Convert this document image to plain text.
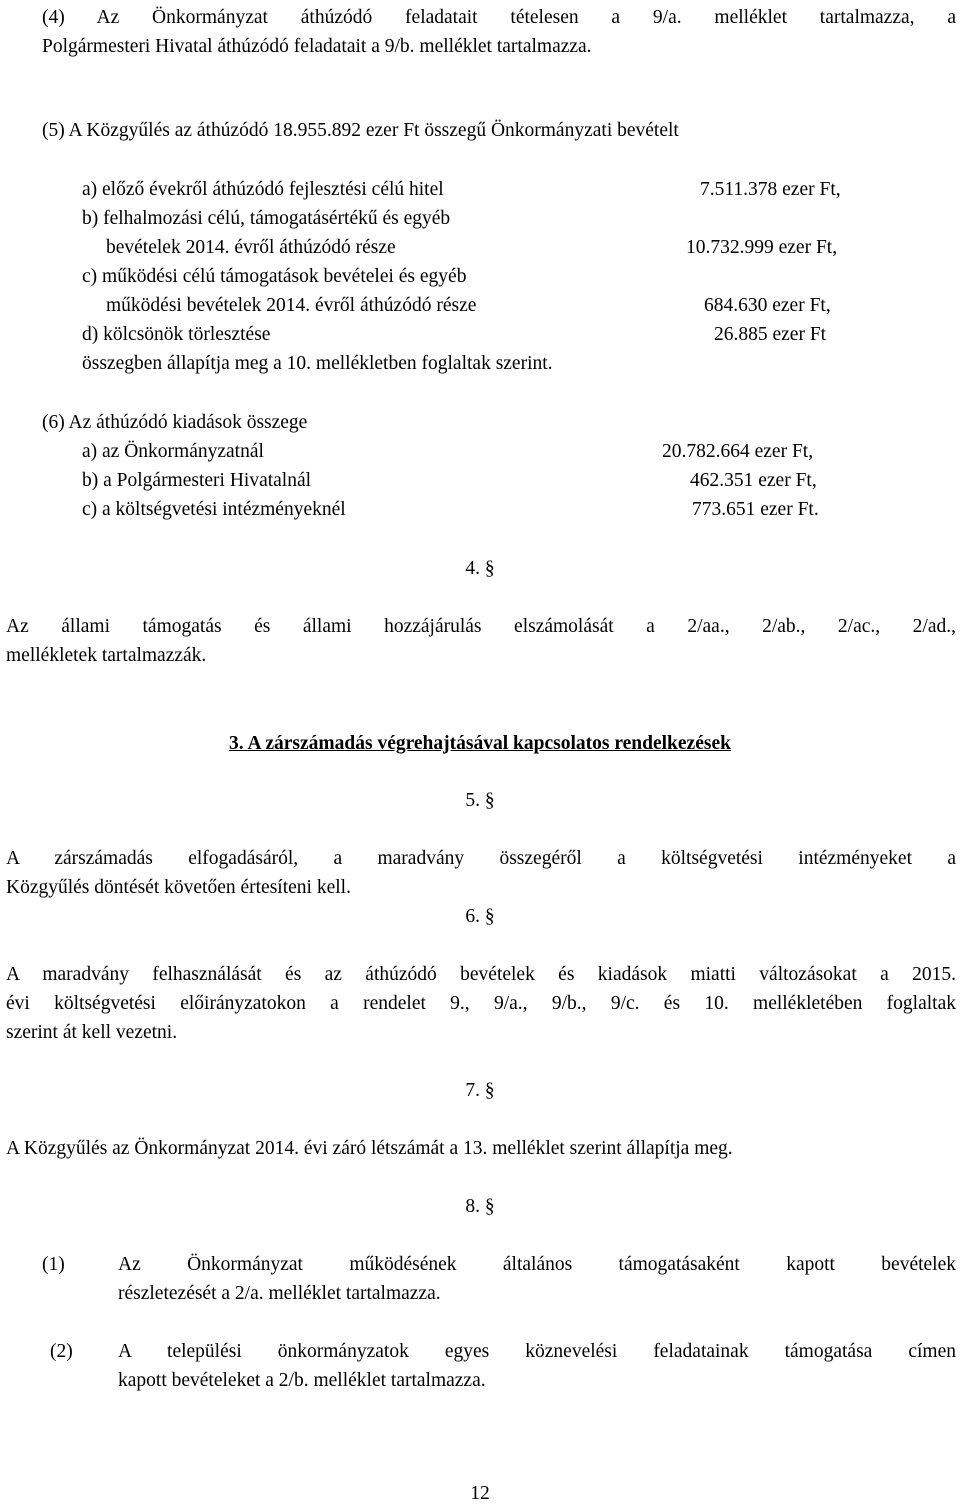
(4) Az Önkormányzat áthúzódó feladatait tételesen a 9/a. melléklet tartalmazza, a
Polgármesteri Hivatal áthúzódó feladatait a 9/b. melléklet tartalmazza.
(5) A Közgyűlés az áthúzódó 18.955.892 ezer Ft összegű Önkormányzati bevételt
a) előző évekről áthúzódó fejlesztési célú hitel	7.511.378 ezer Ft,
b) felhalmozási célú, támogatásértékű és egyéb
bevételek 2014. évről áthúzódó része	10.732.999 ezer Ft,
c) működési célú támogatások bevételei és egyéb
működési bevételek 2014. évről áthúzódó része	684.630 ezer Ft,
d) kölcsönök törlesztése	26.885 ezer Ft
összegben állapítja meg a 10. mellékletben foglaltak szerint.
(6) Az áthúzódó kiadások összege
a) az Önkormányzatnál	20.782.664 ezer Ft,
b) a Polgármesteri Hivatalnál	462.351 ezer Ft,
c) a költségvetési intézményeknél	773.651 ezer Ft.
4. §
Az állami támogatás és állami hozzájárulás elszámolását a 2/aa., 2/ab., 2/ac., 2/ad.,
mellékletek tartalmazzák.
3. A zárszámadás végrehajtásával kapcsolatos rendelkezések
5. §
A zárszámadás elfogadásáról, a maradvány összegéről a költségvetési intézményeket a
Közgyűlés döntését követően értesíteni kell.
6. §
A maradvány felhasználását és az áthúzódó bevételek és kiadások miatti változásokat a 2015.
évi költségvetési előirányzatokon a rendelet 9., 9/a., 9/b., 9/c. és 10. mellékletében foglaltak
szerint át kell vezetni.
7. §
A Közgyűlés az Önkormányzat 2014. évi záró létszámát a 13. melléklet szerint állapítja meg.
8. §
(1)	Az Önkormányzat működésének általános támogatásaként kapott bevételek
részletezését a 2/a. melléklet tartalmazza.
(2) A települési önkormányzatok egyes köznevelési feladatainak támogatása címen
kapott bevételeket a 2/b. melléklet tartalmazza.
12
